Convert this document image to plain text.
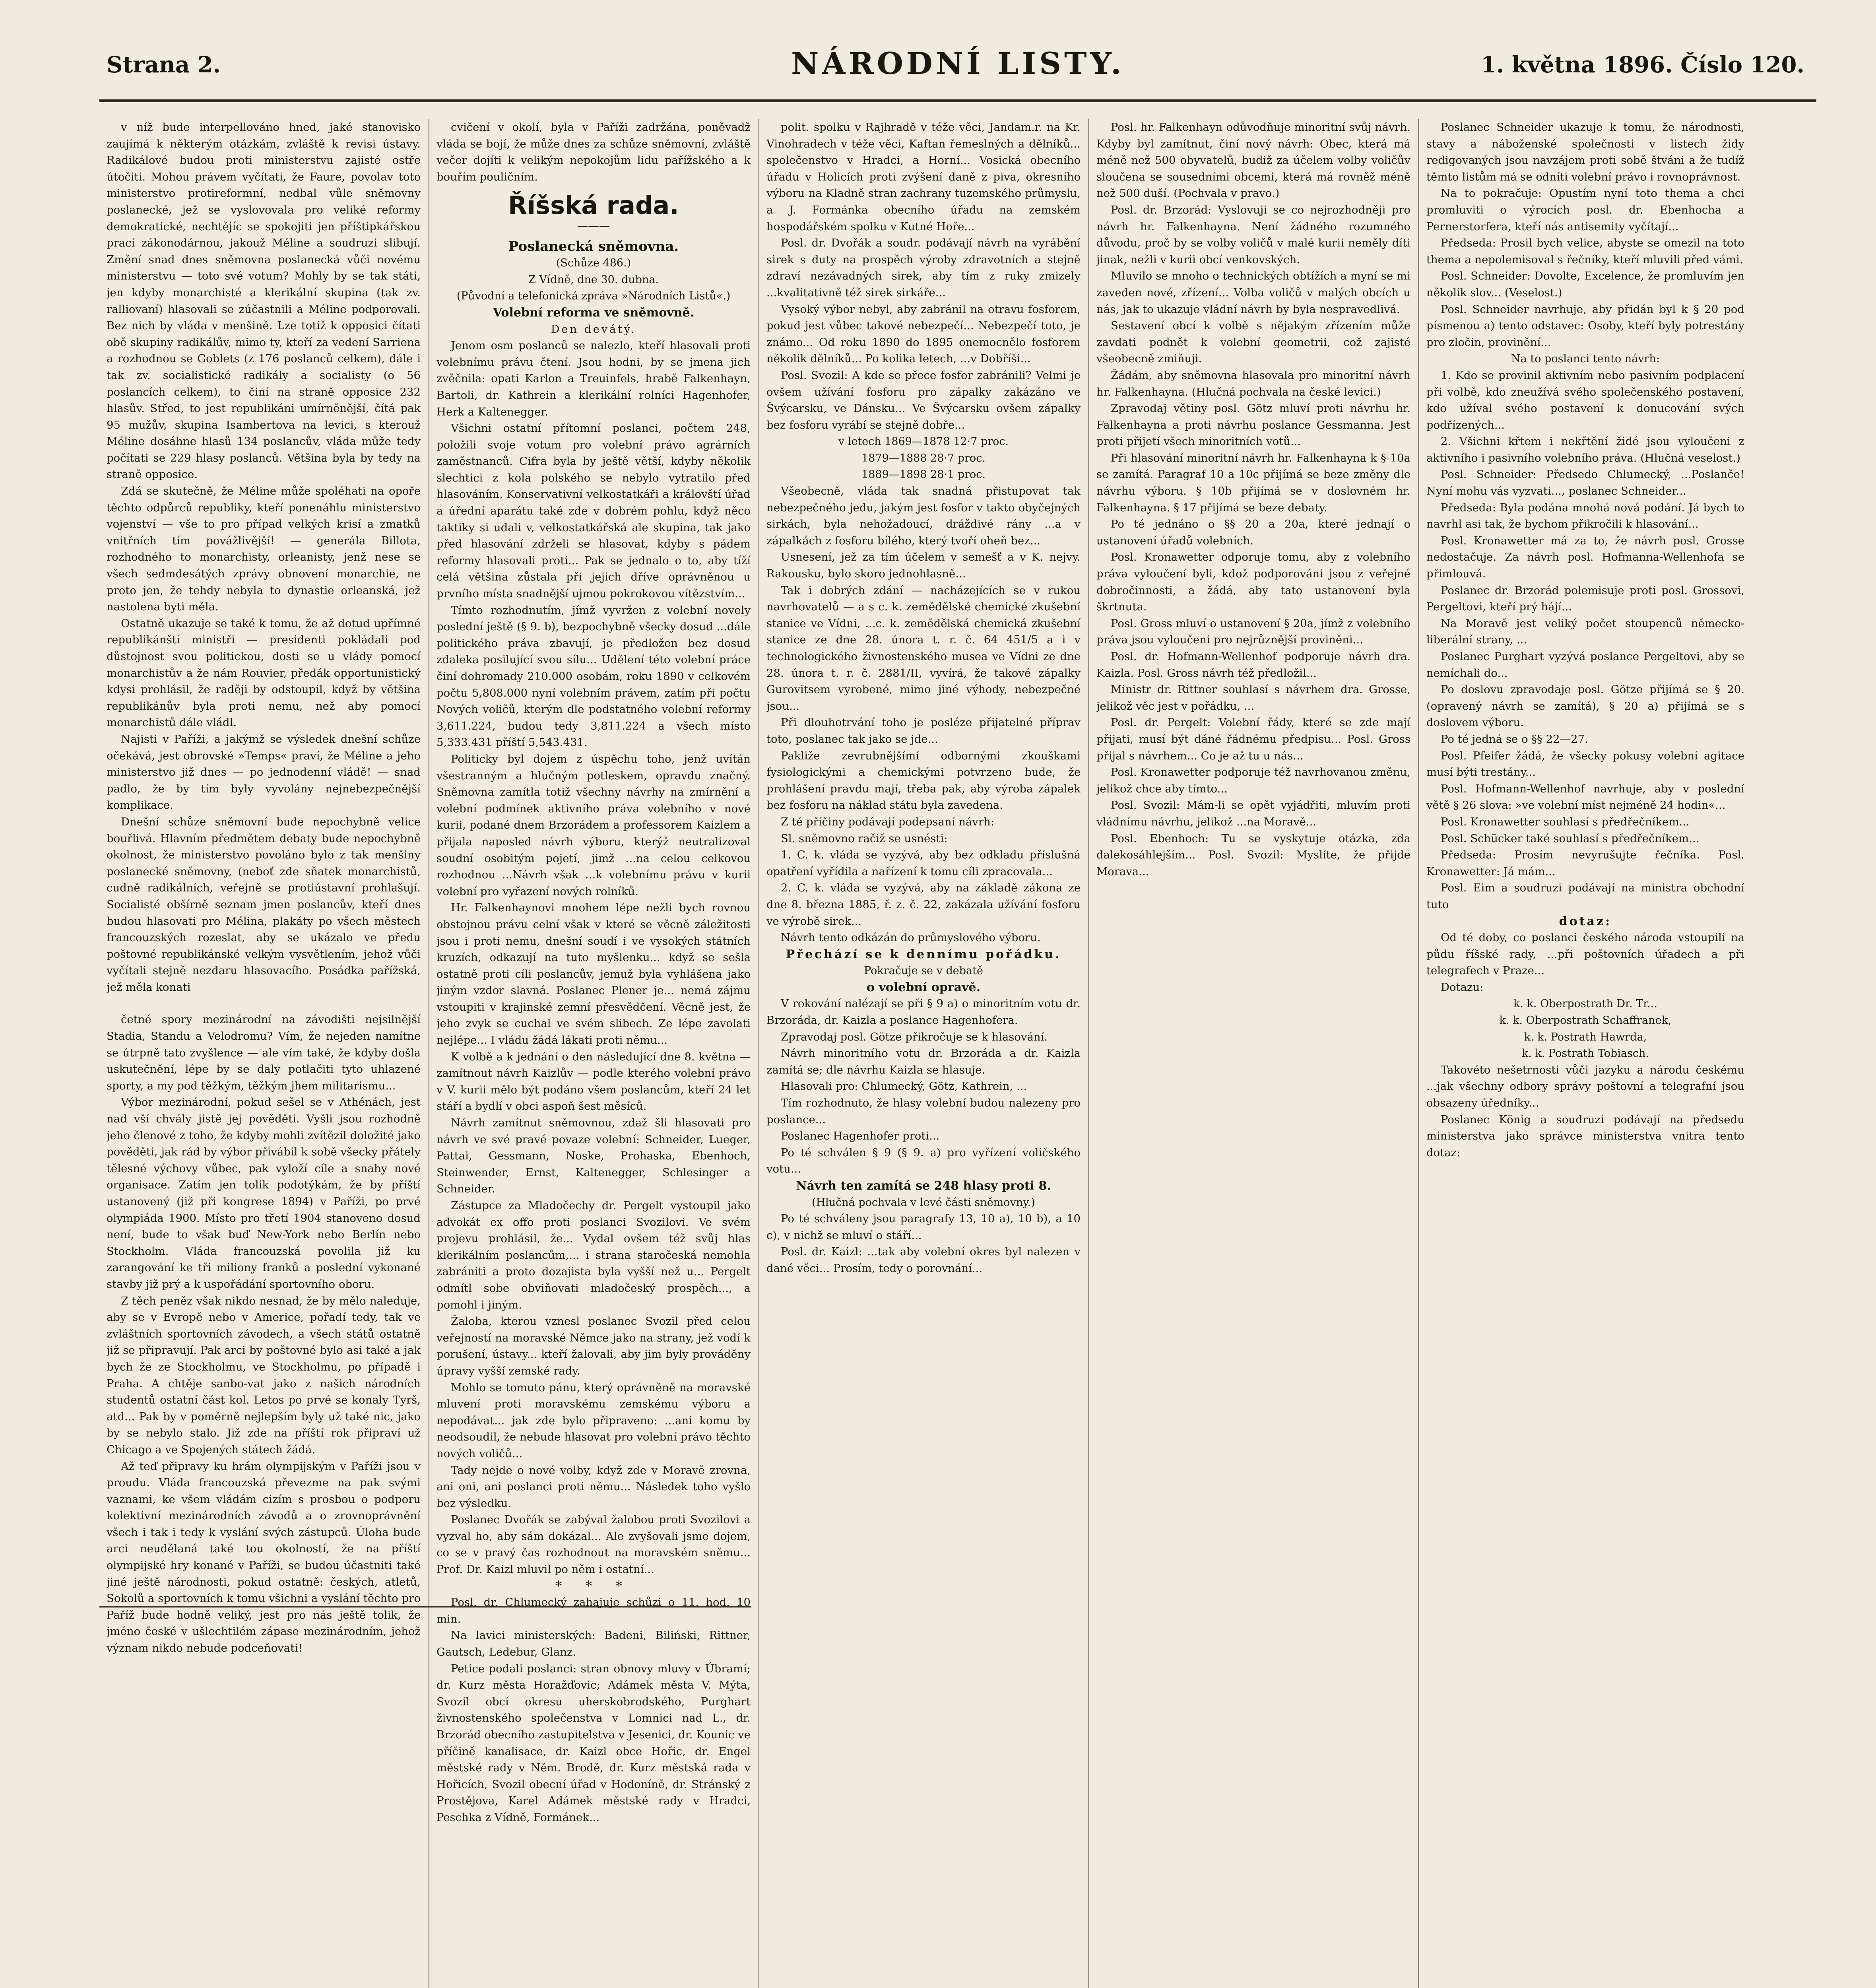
Strana 2.	NÁRODNÍ LISTY.	1. května 1896. Číslo 120.

v níž bude interpellováno hned, jaké stanovisko zaujímá k některým otázkám, zvláště k revisi ústavy. Radikálové budou proti ministerstvu zajisté ostře útočiti. Mohou právem vyčítati, že Faure, povolav toto ministerstvo protireformní, nedbal vůle sněmovny poslanecké, jež se vyslovovala pro veliké reformy demokratické, nechtějíc se spokojiti jen příštipkářskou prací zákonodárnou, jakouž Méline a soudruzi slibují. Změní snad dnes sněmovna poslanecká vůči novému ministerstvu — toto své votum? Mohly by se tak státi, jen kdyby monarchisté a klerikální skupina (tak zv. ralliovaní) hlasovali se zúčastnili a Méline podporovali. Bez nich by vláda v menšině. Lze totiž k opposici čítati obě skupiny radikálův, mimo ty, kteří za vedení Sarriena a rozhodnou se Goblets (z 176 poslanců celkem), dále i tak zv. socialistické radikály a socialisty (o 56 poslancích celkem), to činí na straně opposice 232 hlasův. Střed, to jest republikáni umírněnější, čítá pak 95 mužův, skupina Isambertova na levici, s kterouž Méline dosáhne hlasů 134 poslancův, vláda může tedy počítati se 229 hlasy poslanců. Většina byla by tedy na straně opposice.

Zdá se skutečně, že Méline může spoléhati na opoře těchto odpůrců republiky, kteří ponenáhlu ministerstvo vojenství — vše to pro případ velkých krisí a zmatků vnitřních tím povážlivější! — generála Billota, rozhodného to monarchisty, orleanisty, jenž nese se všech sedmdesátých zprávy obnovení monarchie, ne proto jen, že tehdy nebyla to dynastie orleanská, jež nastolena byti měla.

Ostatně ukazuje se také k tomu, že až dotud upřímné republikánští ministři — presidenti pokládali pod důstojnost svou politickou, dosti se u vlády pomocí monarchistův a že nám Rouvier, předák opportunistický kdysi prohlásil, že raději by odstoupil, když by většina republikánův byla proti nemu, než aby pomocí monarchistů dále vládl.

Najisti v Paříži, a jakýmž se výsledek dnešní schůze očekává, jest obrovské »Temps« praví, že Méline a jeho ministerstvo již dnes — po jednodenní vládě! — snad padlo, že by tím byly vyvolány nejnebezpečnější komplikace.

Dnešní schůze sněmovní bude nepochybně velice bouřlivá. Hlavním předmětem debaty bude nepochybně okolnost, že ministerstvo povoláno bylo z tak menšiny poslanecké sněmovny, (neboť zde sňatek monarchistů, cudně radikálních, veřejně se protiústavní prohlašují. Socialisté obšírně seznam jmen poslancův, kteří dnes budou hlasovati pro Mélina, plakáty po všech městech francouzských rozeslat, aby se ukázalo ve předu poštovné republikánské velkým vysvětlením, jehož vůči vyčítali stejně nezdaru hlasovacího. Posádka pařížská, jež měla konati

četné spory mezinárodní na závodišti nejsilnější Stadia, Standu a Velodromu? Vím, že nejeden namítne se útrpně tato zvyšlence — ale vím také, že kdyby došla uskutečnění, lépe by se daly potlačiti tyto uhlazené sporty, a my pod těžkým, těžkým jhem militarismu...

Výbor mezinárodní, pokud sešel se v Athénách, jest nad vší chvály jistě jej pověděti. Vyšli jsou rozhodně jeho členové z toho, že kdyby mohli zvítězil doložité jako pověděti, jak rád by výbor přivábil k sobě všecky přátely tělesné výchovy vůbec, pak vyloží cíle a snahy nové organisace. Zatím jen tolik podotýkám, že by příští ustanovený (již při kongrese 1894) v Paříži, po prvé olympiáda 1900. Místo pro třetí 1904 stanoveno dosud není, bude to však buď New-York nebo Berlín nebo Stockholm. Vláda francouzská povolila již ku zarangování ke tři miliony franků a poslední vykonané stavby již prý a k uspořádání sportovního oboru.

Z těch peněz však nikdo nesnad, že by mělo naleduje, aby se v Evropě nebo v Americe, pořadí tedy, tak ve zvláštních sportovních závodech, a všech států ostatně již se připravují. Pak arci by poštovné bylo asi také a jak bych že ze Stockholmu, ve Stockholmu, po případě i Praha. A chtěje sanbo-vat jako z našich národních studentů ostatní část kol. Letos po prvé se konaly Tyrš, atd... Pak by v poměrně nejlepším byly už také nic, jako by se nebylo stalo. Již zde na příští rok připraví už Chicago a ve Spojených státech žádá.

Až teď připravy ku hrám olympijským v Paříži jsou v proudu. Vláda francouzská převezme na pak svými vaznami, ke všem vládám cizím s prosbou o podporu kolektivní mezinárodních závodů a o zrovnoprávnění všech i tak i tedy k vyslání svých zástupců. Úloha bude arci neudělaná také tou okolností, že na příští olympijské hry konané v Paříži, se budou účastniti také jiné ještě národnosti, pokud ostatně: českých, atletů, Sokolů a sportovních k tomu všichni a vyslání těchto pro Paříž bude hodně veliký, jest pro nás ještě tolik, že jméno české v ušlechtilém zápase mezinárodním, jehož význam nikdo nebude podceňovati!

cvičení v okolí, byla v Paříži zadržána, poněvadž vláda se bojí, že může dnes za schůze sněmovní, zvláště večer dojíti k velikým nepokojům lidu pařížského a k bouřím pouličním.

Říšská rada.
———

Poslanecká sněmovna.

(Schůze 486.)

Z Vídně, dne 30. dubna.

(Původní a telefonická zpráva »Národních Listů«.)

Volební reforma ve sněmovně.

Den devátý.

Jenom osm poslanců se nalezlo, kteří hlasovali proti volebnímu právu čtení. Jsou hodni, by se jmena jich zvěčnila: opati Karlon a Treuinfels, hrabě Falkenhayn, Bartoli, dr. Kathrein a klerikální rolníci Hagenhofer, Herk a Kaltenegger.

Všichni ostatní přítomní poslanci, počtem 248, položili svoje votum pro volební právo agrárních zaměstnanců. Cifra byla by ještě větší, kdyby několik slechtici z kola polského se nebylo vytratilo před hlasováním. Konservativní velkostatkáři a královští úřad a úřední aparátu také zde v dobrém pohlu, když něco taktiky si udali v, velkostatkářská ale skupina, tak jako před hlasování zdrželi se hlasovat, kdyby s pádem reformy hlasovali proti... Pak se jednalo o to, aby tíží celá většina zůstala při jejich dříve oprávněnou u prvního místa snadnější ujmou pokrokovou vítězstvím...

Tímto rozhodnutím, jímž vyvržen z volební novely poslední ještě (§ 9. b), bezpochybně všecky dosud ...dále politického práva zbavují, je předložen bez dosud zdaleka posilující svou sílu... Udělení této volební práce činí dohromady 210.000 osobám, roku 1890 v celkovém počtu 5,808.000 nyní volebním právem, zatím při počtu Nových voličů, kterým dle podstatného volební reformy 3,611.224, budou tedy 3,811.224 a všech místo 5,333.431 příští 5,543.431.

Politicky byl dojem z úspěchu toho, jenž uvítán všestranným a hlučným potleskem, opravdu značný. Sněmovna zamítla totiž všechny návrhy na zmírnění a volební podmínek aktivního práva volebního v nové kurii, podané dnem Brzorádem a professorem Kaizlem a přijala naposled návrh výboru, kterýž neutralizoval soudní osobitým pojetí, jimž ...na celou celkovou rozhodnou ...Návrh však ...k volebnímu právu v kurii volební pro vyřazení nových rolníků.

Hr. Falkenhaynovi mnohem lépe nežli bych rovnou obstojnou právu celní však v které se věcně záležitosti jsou i proti nemu, dnešní soudí i ve vysokých státních kruzích, odkazují na tuto myšlenku... když se sešla ostatně proti cíli poslancův, jemuž byla vyhlášena jako jiným vzdor slavná. Poslanec Plener je... nemá zájmu vstoupiti v krajinské zemní přesvědčení. Věcně jest, že jeho zvyk se cuchal ve svém slibech. Ze lépe zavolati nejlépe... I vládu žádá lákati proti němu...

K volbě a k jednání o den následující dne 8. května — zamítnout návrh Kaizlův — podle kterého volební právo v V. kurii mělo být podáno všem poslancům, kteří 24 let stáří a bydlí v obci aspoň šest měsíců.

Návrh zamítnut sněmovnou, zdaž šli hlasovati pro návrh ve své pravé povaze volební: Schneider, Lueger, Pattai, Gessmann, Noske, Prohaska, Ebenhoch, Steinwender, Ernst, Kaltenegger, Schlesinger a Schneider.

Zástupce za Mladočechy dr. Pergelt vystoupil jako advokát ex offo proti poslanci Svozilovi. Ve svém projevu prohlásil, že... Vydal ovšem též svůj hlas klerikálním poslancům,... i strana staročeská nemohla zabrániti a proto dozajista byla vyšší než u... Pergelt odmítl sobe obviňovati mladočeský prospěch..., a pomohl i jiným.

Žaloba, kterou vznesl poslanec Svozil před celou veřejností na moravské Němce jako na strany, jež vodí k porušení, ústavy... kteří žalovali, aby jim byly prováděny úpravy vyšší zemské rady.

Mohlo se tomuto pánu, který oprávněně na moravské mluvení proti moravskému zemskému výboru a nepodávat... jak zde bylo připraveno: ...ani komu by neodsoudil, že nebude hlasovat pro volební právo těchto nových voličů...

Tady nejde o nové volby, když zde v Moravě zrovna, ani oni, ani poslanci proti němu... Následek toho vyšlo bez výsledku.

Poslanec Dvořák se zabýval žalobou proti Svozilovi a vyzval ho, aby sám dokázal... Ale zvyšovali jsme dojem, co se v pravý čas rozhodnout na moravském sněmu... Prof. Dr. Kaizl mluvil po něm i ostatní...

* * *

Posl. dr. Chlumecký zahajuje schůzi o 11. hod. 10 min.

Na lavici ministerských: Badeni, Biliński, Rittner, Gautsch, Ledebur, Glanz.

Petice podali poslanci: stran obnovy mluvy v Úbramí; dr. Kurz města Horažďovic; Adámek města V. Mýta, Svozil obcí okresu uherskobrodského, Purghart živnostenského společenstva v Lomnici nad L., dr. Brzorád obecního zastupitelstva v Jesenici, dr. Kounic ve příčině kanalisace, dr. Kaizl obce Hořic, dr. Engel městské rady v Něm. Brodě, dr. Kurz městská rada v Hořicích, Svozil obecní úřad v Hodoníně, dr. Stránský z Prostějova, Karel Adámek městské rady v Hradci, Peschka z Vídně, Formánek...

polit. spolku v Rajhradě v téže věci, Jandam.r. na Kr. Vinohradech v téže věci, Kaftan řemeslných a dělníků... společenstvo v Hradci, a Horní... Vosická obecního úřadu v Holicích proti zvýšení daně z piva, okresního výboru na Kladně stran zachrany tuzemského průmyslu, a J. Formánka obecního úřadu na zemském hospodářském spolku v Kutné Hoře...

Posl. dr. Dvořák a soudr. podávají návrh na vyrábění sirek s duty na prospěch výroby zdravotních a stejně zdraví nezávadných sirek, aby tím z ruky zmizely ...kvalitativně též sirek sirkáře...

Vysoký výbor nebyl, aby zabránil na otravu fosforem, pokud jest vůbec takové nebezpečí... Nebezpečí toto, je známo... Od roku 1890 do 1895 onemocnělo fosforem několik dělníků... Po kolika letech, ...v Dobříši...

Posl. Svozil: A kde se přece fosfor zabránili? Velmi je ovšem užívání fosforu pro zápalky zakázáno ve Švýcarsku, ve Dánsku... Ve Švýcarsku ovšem zápalky bez fosforu vyrábí se stejně dobře...

v letech 1869—1878 12·7 proc.

1879—1888 28·7 proc.

1889—1898 28·1 proc.

Všeobecně, vláda tak snadná přistupovat tak nebezpečného jedu, jakým jest fosfor v takto obyčejných sirkách, byla nehožadoucí, dráždivé rány ...a v zápalkách z fosforu bílého, který tvoří oheň bez...

Usnesení, jež za tím účelem v semešť a v K. nejvy. Rakousku, bylo skoro jednohlasně...

Tak i dobrých zdání — nacházejících se v rukou navrhovatelů — a s c. k. zemědělské chemické zkušební stanice ve Vídni, ...c. k. zemědělská chemická zkušební stanice ze dne 28. února t. r. č. 64 451/5 a i v technologického živnostenského musea ve Vídni ze dne 28. února t. r. č. 2881/II, vyvírá, že takové zápalky Gurovitsem vyrobené, mimo jiné výhody, nebezpečné jsou...

Při dlouhotrvání toho je posléze přijatelné příprav toto, poslanec tak jako se jde...

Pakliže zevrubnějšímí odbornými zkouškami fysiologickými a chemickými potvrzeno bude, že prohlášení pravdu mají, třeba pak, aby výroba zápalek bez fosforu na náklad státu byla zavedena.

Z té příčiny podávají podepsaní návrh:

Sl. sněmovno račiž se usnésti:

1. C. k. vláda se vyzývá, aby bez odkladu příslušná opatření vyřídila a nařízení k tomu cíli zpracovala...

2. C. k. vláda se vyzývá, aby na základě zákona ze dne 8. března 1885, ř. z. č. 22, zakázala užívání fosforu ve výrobě sirek...

Návrh tento odkázán do průmyslového výboru.

Přechází se k dennímu pořádku.

Pokračuje se v debatě

o volební opravě.

V rokování nalézají se při § 9 a) o minoritním votu dr. Brzoráda, dr. Kaizla a poslance Hagenhofera.

Zpravodaj posl. Götze přikročuje se k hlasování.

Návrh minoritního votu dr. Brzoráda a dr. Kaizla zamítá se; dle návrhu Kaizla se hlasuje.

Hlasovali pro: Chlumecký, Götz, Kathrein, ...

Tím rozhodnuto, že hlasy volební budou nalezeny pro poslance...

Poslanec Hagenhofer proti...

Po té schválen § 9 (§ 9. a) pro vyřízení voličského votu...

Návrh ten zamítá se 248 hlasy proti 8.

(Hlučná pochvala v levé části sněmovny.)

Po té schváleny jsou paragrafy 13, 10 a), 10 b), a 10 c), v nichž se mluví o stáří...

Posl. dr. Kaizl: ...tak aby volební okres byl nalezen v dané věci... Prosím, tedy o porovnání...

Posl. hr. Falkenhayn odůvodňuje minoritní svůj návrh. Kdyby byl zamítnut, činí nový návrh: Obec, která má méně než 500 obyvatelů, budiž za účelem volby voličův sloučena se sousedními obcemi, která má rovněž méně než 500 duší. (Pochvala v pravo.)

Posl. dr. Brzorád: Vyslovuji se co nejrozhodněji pro návrh hr. Falkenhayna. Není žádného rozumného důvodu, proč by se volby voličů v malé kurii neměly díti jinak, nežli v kurii obcí venkovských.

Mluvilo se mnoho o technických obtížích a myní se mi zaveden nové, zřízení... Volba voličů v malých obcích u nás, jak to ukazuje vládní návrh by byla nespravedlivá.

Sestavení obcí k volbě s nějakým zřízením může zavdati podnět k volební geometrii, což zajisté všeobecně zmiňuji.

Žádám, aby sněmovna hlasovala pro minoritní návrh hr. Falkenhayna. (Hlučná pochvala na české levici.)

Zpravodaj větiny posl. Götz mluví proti návrhu hr. Falkenhayna a proti návrhu poslance Gessmanna. Jest proti přijetí všech minoritních votů...

Při hlasování minoritní návrh hr. Falkenhayna k § 10a se zamítá. Paragraf 10 a 10c přijímá se beze změny dle návrhu výboru. § 10b přijímá se v doslovném hr. Falkenhayna. § 17 přijímá se beze debaty.

Po té jednáno o §§ 20 a 20a, které jednají o ustanovení úřadů volebních.

Posl. Kronawetter odporuje tomu, aby z volebního práva vyloučení byli, kdož podporováni jsou z veřejné dobročinnosti, a žádá, aby tato ustanovení byla škrtnuta.

Posl. Gross mluví o ustanovení § 20a, jímž z volebního práva jsou vyloučeni pro nejrůznější proviněni...

Posl. dr. Hofmann-Wellenhof podporuje návrh dra. Kaizla. Posl. Gross návrh též předložil...

Ministr dr. Rittner souhlasí s návrhem dra. Grosse, jelikož věc jest v pořádku, ...

Posl. dr. Pergelt: Volební řády, které se zde mají přijati, musí být dáné řádnému předpisu... Posl. Gross přijal s návrhem... Co je až tu u nás...

Posl. Kronawetter podporuje též navrhovanou změnu, jelikož chce aby tímto...

Posl. Svozil: Mám-li se opět vyjádřiti, mluvím proti vládnímu návrhu, jelikož ...na Moravě...

Posl. Ebenhoch: Tu se vyskytuje otázka, zda dalekosáhlejším... Posl. Svozil: Myslíte, že přijde Morava...

Poslanec Schneider ukazuje k tomu, že národnosti, stavy a náboženské společnosti v listech židy redigovaných jsou navzájem proti sobě štváni a že tudíž těmto listům má se odníti volební právo i rovnoprávnost.

Na to pokračuje: Opustím nyní toto thema a chci promluviti o výrocích posl. dr. Ebenhocha a Pernerstorfera, kteří nás antisemity vyčítají...

Předseda: Prosil bych velice, abyste se omezil na toto thema a nepolemisoval s řečníky, kteří mluvili před vámi.

Posl. Schneider: Dovolte, Excelence, že promluvím jen několik slov... (Veselost.)

Posl. Schneider navrhuje, aby přidán byl k § 20 pod písmenou a) tento odstavec: Osoby, kteří byly potrestány pro zločin, provinění...

Na to poslanci tento návrh:

1. Kdo se provinil aktivním nebo pasivním podplacení při volbě, kdo zneužívá svého společenského postavení, kdo užíval svého postavení k donucování svých podřízených...

2. Všichni křtem i nekřtění židé jsou vyloučeni z aktivního i pasivního volebního práva. (Hlučná veselost.)

Posl. Schneider: Předsedo Chlumecký, ...Poslanče! Nyní mohu vás vyzvati..., poslanec Schneider...

Předseda: Byla podána mnohá nová podání. Já bych to navrhl asi tak, že bychom přikročili k hlasování...

Posl. Kronawetter má za to, že návrh posl. Grosse nedostačuje. Za návrh posl. Hofmanna-Wellenhofa se přimlouvá.

Poslanec dr. Brzorád polemisuje proti posl. Grossovi, Pergeltovi, kteří prý hájí...

Na Moravě jest veliký počet stoupenců německo-liberální strany, ...

Poslanec Purghart vyzývá poslance Pergeltovi, aby se nemíchali do...

Po doslovu zpravodaje posl. Götze přijímá se § 20. (opravený návrh se zamítá), § 20 a) přijímá se s doslovem výboru.

Po té jedná se o §§ 22—27.

Posl. Pfeifer žádá, že všecky pokusy volební agitace musí býti trestány...

Posl. Hofmann-Wellenhof navrhuje, aby v poslední větě § 26 slova: »ve volební míst nejméně 24 hodin«...

Posl. Kronawetter souhlasí s předřečníkem...

Posl. Schücker také souhlasí s předřečníkem...

Předseda: Prosím nevyrušujte řečníka. Posl. Kronawetter: Já mám...

Posl. Eim a soudruzi podávají na ministra obchodní tuto

dotaz:

Od té doby, co poslanci českého národa vstoupili na půdu říšské rady, ...při poštovních úřadech a při telegrafech v Praze...

Dotazu:

k. k. Oberpostrath Dr. Tr...

k. k. Oberpostrath Schaffranek,

k. k. Postrath Hawrda,

k. k. Postrath Tobiasch.

Takovéto nešetrnosti vůči jazyku a národu českému ...jak všechny odbory správy poštovní a telegrafní jsou obsazeny úředníky...

Poslanec König a soudruzi podávají na předsedu ministerstva jako správce ministerstva vnitra tento dotaz:
